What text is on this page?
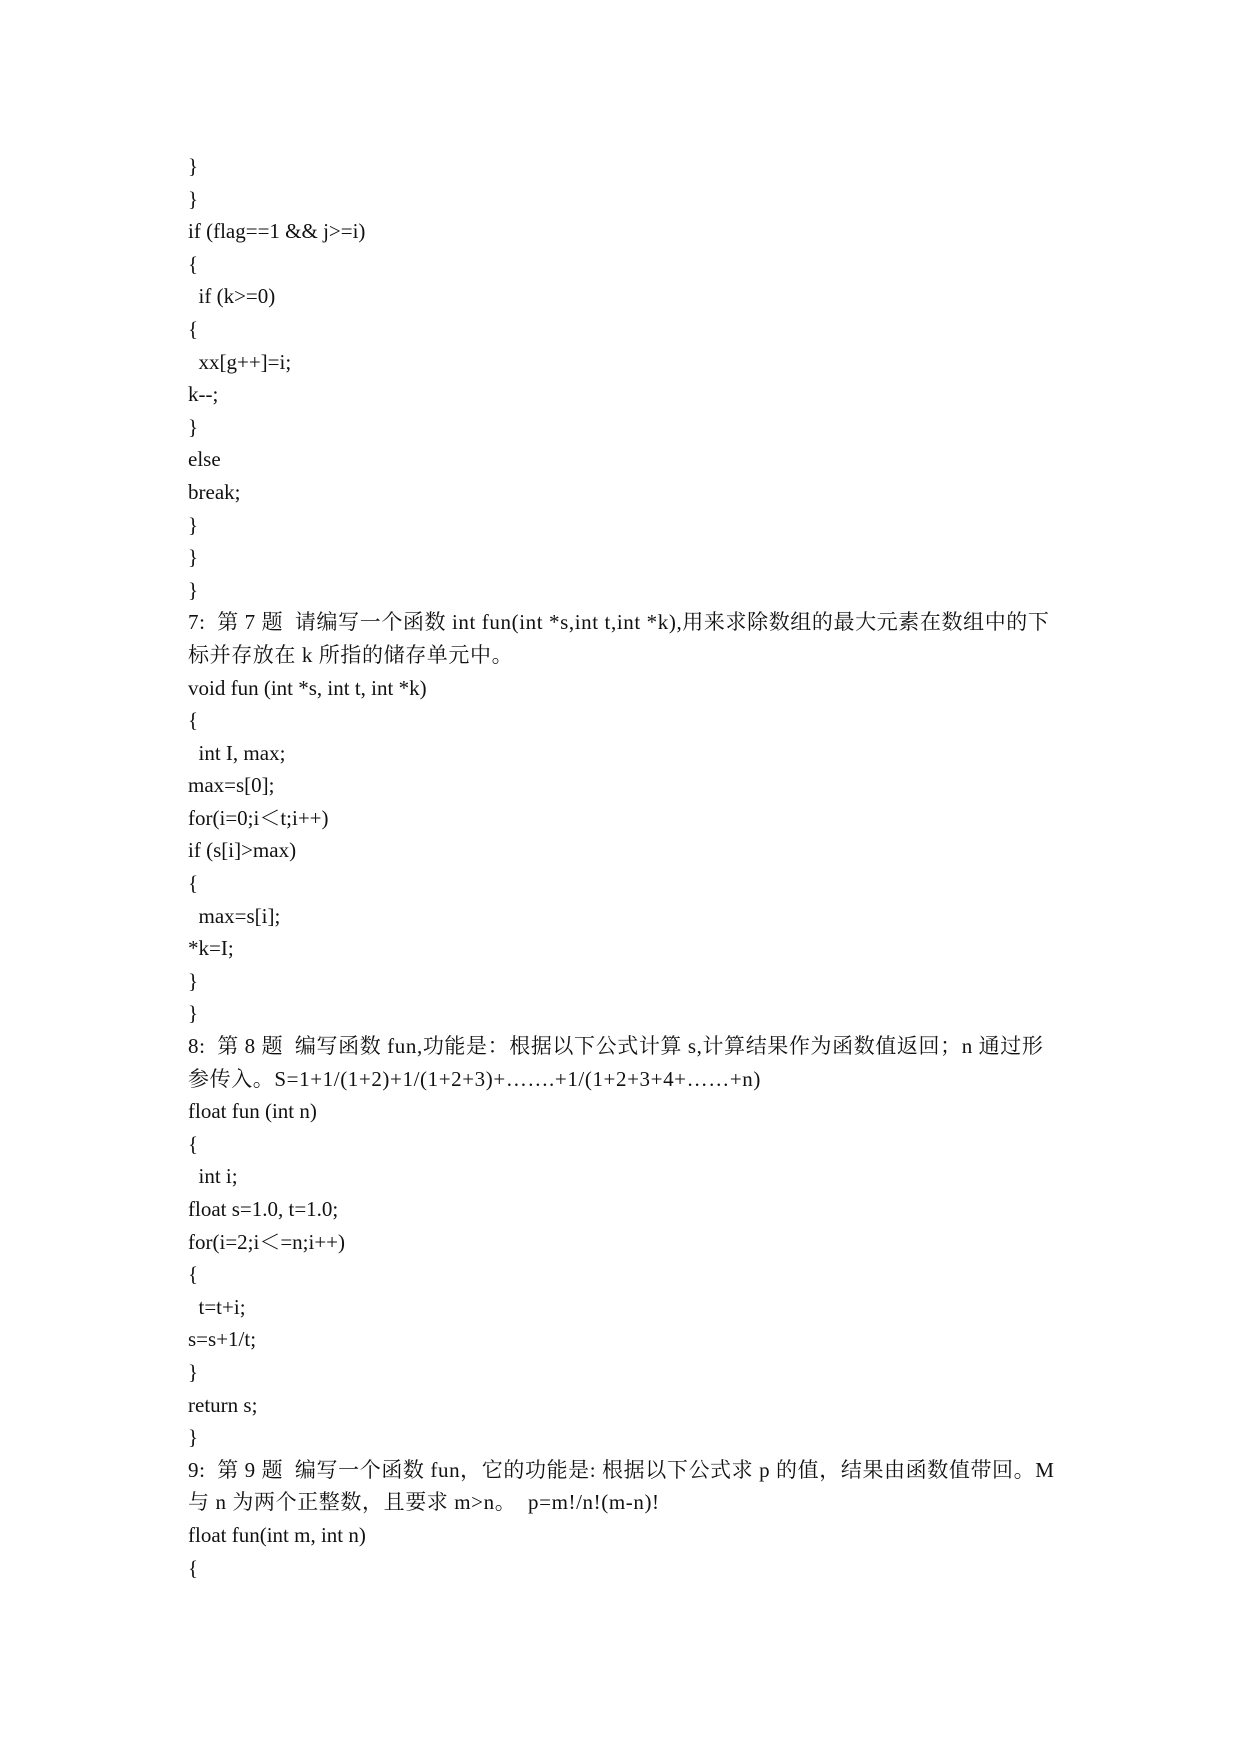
}
}
if (flag==1 && j>=i)
{
if (k>=0)
{
xx[g++]=i;
k--;
}
else
break;
}
}
}
7:  第 7 题  请编写一个函数 int fun(int *s,int t,int *k),用来求除数组的最大元素在数组中的下
标并存放在 k 所指的储存单元中。
void fun (int *s, int t, int *k)
{
int I, max;
max=s[0];
for(i=0;i＜t;i++)
if (s[i]>max)
{
max=s[i];
*k=I;
}
}
8:  第 8 题  编写函数 fun,功能是：根据以下公式计算 s,计算结果作为函数值返回；n 通过形
参传入。S=1+1/(1+2)+1/(1+2+3)+…….+1/(1+2+3+4+……+n)
float fun (int n)
{
int i;
float s=1.0, t=1.0;
for(i=2;i＜=n;i++)
{
t=t+i;
s=s+1/t;
}
return s;
}
9:  第 9 题  编写一个函数 fun，它的功能是: 根据以下公式求 p 的值，结果由函数值带回。M
与 n 为两个正整数，且要求 m>n。  p=m!/n!(m-n)!
float fun(int m, int n)
{
